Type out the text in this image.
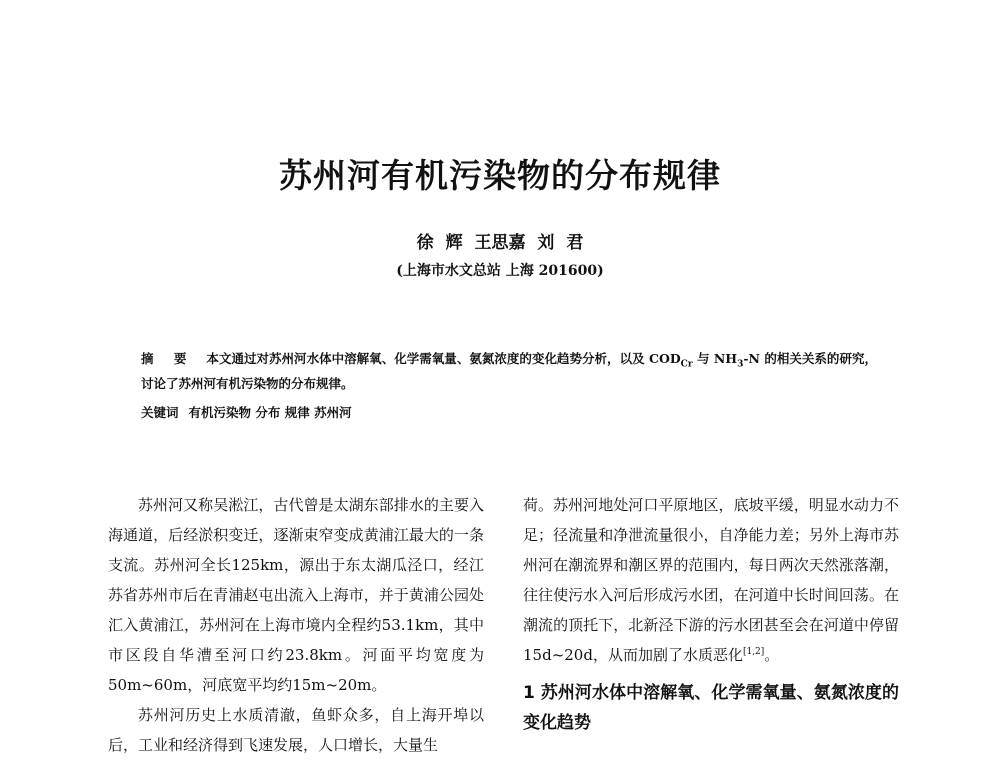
苏州河有机污染物的分布规律
徐 辉 王思嘉 刘 君
(上海市水文总站 上海 201600)
摘 要 本文通过对苏州河水体中溶解氧、化学需氧量、氨氮浓度的变化趋势分析，以及 $COD_{Cr}$ 与 $NH_3-N$ 的相关关系的研究，讨论了苏州河有机污染物的分布规律。
关键词 有机污染物 分布 规律 苏州河

苏州河又称吴淞江，古代曾是太湖东部排水的主要入海通道，后经淤积变迁，逐渐束窄变成黄浦江最大的一条支流。苏州河全长125km，源出于东太湖瓜泾口，经江苏省苏州市后在青浦赵屯出流入上海市，并于黄浦公园处汇入黄浦江，苏州河在上海市境内全程约53.1km，其中市区段自华漕至河口约23.8km。河面平均宽度为50m~60m，河底宽平均约15m~20m。

苏州河历史上水质清澈，鱼虾众多，自上海开埠以后，工业和经济得到飞速发展，人口增长，大量生

荷。苏州河地处河口平原地区，底坡平缓，明显水动力不足；径流量和净泄流量很小，自净能力差；另外上海市苏州河在潮流界和潮区界的范围内，每日两次天然涨落潮，往往使污水入河后形成污水团，在河道中长时间回荡。在潮流的顶托下，北新泾下游的污水团甚至会在河道中停留 15d~20d，从而加剧了水质恶化[1,2]。

1 苏州河水体中溶解氧、化学需氧量、氨氮浓度的变化趋势
